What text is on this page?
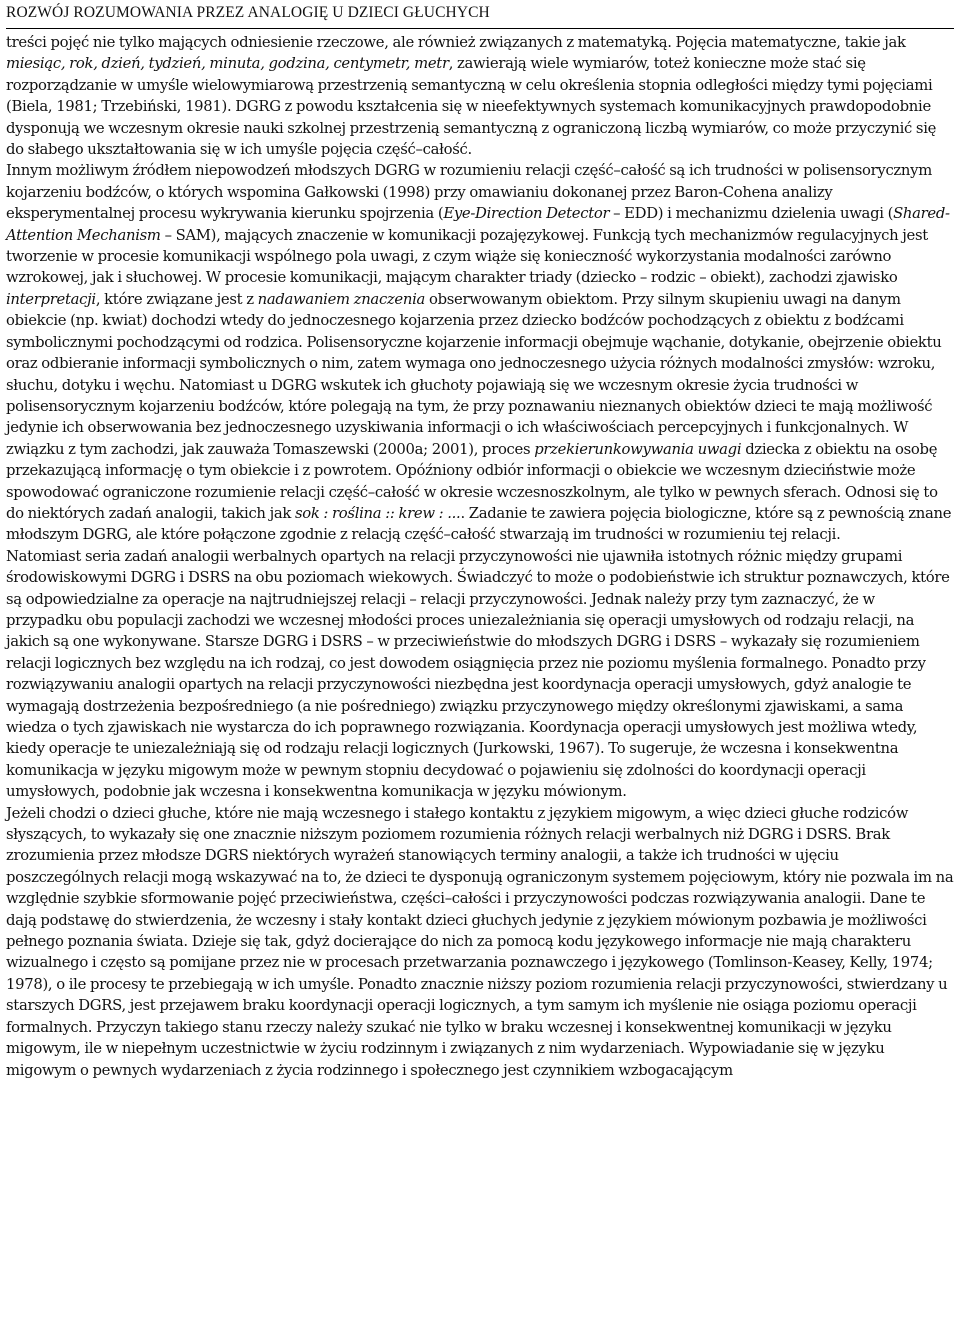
ROZWÓJ ROZUMOWANIA PRZEZ ANALOGIĘ U DZIECI GŁUCHYCH

treści pojęć nie tylko mających odniesienie rzeczowe, ale również związanych z matematyką. Pojęcia matematyczne, takie jak miesiąc, rok, dzień, tydzień, minuta, godzina, centymetr, metr, zawierają wiele wymiarów, toteż konieczne może stać się rozporządzanie w umyśle wielowymiarową przestrzenią semantyczną w celu określenia stopnia odległości między tymi pojęciami (Biela, 1981; Trzebiński, 1981). DGRG z powodu kształcenia się w nieefektywnych systemach komunikacyjnych prawdopodobnie dysponują we wczesnym okresie nauki szkolnej przestrzenią semantyczną z ograniczoną liczbą wymiarów, co może przyczynić się do słabego ukształtowania się w ich umyśle pojęcia część–całość.

Innym możliwym źródłem niepowodzeń młodszych DGRG w rozumieniu relacji część–całość są ich trudności w polisensorycznym kojarzeniu bodźców, o których wspomina Gałkowski (1998) przy omawianiu dokonanej przez Baron-Cohena analizy eksperymentalnej procesu wykrywania kierunku spojrzenia (Eye-Direction Detector – EDD) i mechanizmu dzielenia uwagi (Shared-Attention Mechanism – SAM), mających znaczenie w komunikacji pozajęzykowej. Funkcją tych mechanizmów regulacyjnych jest tworzenie w procesie komunikacji wspólnego pola uwagi, z czym wiąże się konieczność wykorzystania modalności zarówno wzrokowej, jak i słuchowej. W procesie komunikacji, mającym charakter triady (dziecko – rodzic – obiekt), zachodzi zjawisko interpretacji, które związane jest z nadawaniem znaczenia obserwowanym obiektom. Przy silnym skupieniu uwagi na danym obiekcie (np. kwiat) dochodzi wtedy do jednoczesnego kojarzenia przez dziecko bodźców pochodzących z obiektu z bodźcami symbolicznymi pochodzącymi od rodzica. Polisensoryczne kojarzenie informacji obejmuje wąchanie, dotykanie, obejrzenie obiektu oraz odbieranie informacji symbolicznych o nim, zatem wymaga ono jednoczesnego użycia różnych modalności zmysłów: wzroku, słuchu, dotyku i węchu. Natomiast u DGRG wskutek ich głuchoty pojawiają się we wczesnym okresie życia trudności w polisensorycznym kojarzeniu bodźców, które polegają na tym, że przy poznawaniu nieznanych obiektów dzieci te mają możliwość jedynie ich obserwowania bez jednoczesnego uzyskiwania informacji o ich właściwościach percepcyjnych i funkcjonalnych. W związku z tym zachodzi, jak zauważa Tomaszewski (2000a; 2001), proces przekierunkowywania uwagi dziecka z obiektu na osobę przekazującą informację o tym obiekcie i z powrotem. Opóźniony odbiór informacji o obiekcie we wczesnym dzieciństwie może spowodować ograniczone rozumienie relacji część–całość w okresie wczesnoszkolnym, ale tylko w pewnych sferach. Odnosi się to do niektórych zadań analogii, takich jak sok : roślina :: krew : .... Zadanie te zawiera pojęcia biologiczne, które są z pewnością znane młodszym DGRG, ale które połączone zgodnie z relacją część–całość stwarzają im trudności w rozumieniu tej relacji.

Natomiast seria zadań analogii werbalnych opartych na relacji przyczynowości nie ujawniła istotnych różnic między grupami środowiskowymi DGRG i DSRS na obu poziomach wiekowych. Świadczyć to może o podobieństwie ich struktur poznawczych, które są odpowiedzialne za operacje na najtrudniejszej relacji – relacji przyczynowości. Jednak należy przy tym zaznaczyć, że w przypadku obu populacji zachodzi we wczesnej młodości proces uniezależniania się operacji umysłowych od rodzaju relacji, na jakich są one wykonywane. Starsze DGRG i DSRS – w przeciwieństwie do młodszych DGRG i DSRS – wykazały się rozumieniem relacji logicznych bez względu na ich rodzaj, co jest dowodem osiągnięcia przez nie poziomu myślenia formalnego. Ponadto przy rozwiązywaniu analogii opartych na relacji przyczynowości niezbędna jest koordynacja operacji umysłowych, gdyż analogie te wymagają dostrzeżenia bezpośredniego (a nie pośredniego) związku przyczynowego między określonymi zjawiskami, a sama wiedza o tych zjawiskach nie wystarcza do ich poprawnego rozwiązania. Koordynacja operacji umysłowych jest możliwa wtedy, kiedy operacje te uniezależniają się od rodzaju relacji logicznych (Jurkowski, 1967). To sugeruje, że wczesna i konsekwentna komunikacja w języku migowym może w pewnym stopniu decydować o pojawieniu się zdolności do koordynacji operacji umysłowych, podobnie jak wczesna i konsekwentna komunikacja w języku mówionym.

Jeżeli chodzi o dzieci głuche, które nie mają wczesnego i stałego kontaktu z językiem migowym, a więc dzieci głuche rodziców słyszących, to wykazały się one znacznie niższym poziomem rozumienia różnych relacji werbalnych niż DGRG i DSRS. Brak zrozumienia przez młodsze DGRS niektórych wyrażeń stanowiących terminy analogii, a także ich trudności w ujęciu poszczególnych relacji mogą wskazywać na to, że dzieci te dysponują ograniczonym systemem pojęciowym, który nie pozwala im na względnie szybkie sformowanie pojęć przeciwieństwa, części–całości i przyczynowości podczas rozwiązywania analogii. Dane te dają podstawę do stwierdzenia, że wczesny i stały kontakt dzieci głuchych jedynie z językiem mówionym pozbawia je możliwości pełnego poznania świata. Dzieje się tak, gdyż docierające do nich za pomocą kodu językowego informacje nie mają charakteru wizualnego i często są pomijane przez nie w procesach przetwarzania poznawczego i językowego (Tomlinson-Keasey, Kelly, 1974; 1978), o ile procesy te przebiegają w ich umyśle. Ponadto znacznie niższy poziom rozumienia relacji przyczynowości, stwierdzany u starszych DGRS, jest przejawem braku koordynacji operacji logicznych, a tym samym ich myślenie nie osiąga poziomu operacji formalnych. Przyczyn takiego stanu rzeczy należy szukać nie tylko w braku wczesnej i konsekwentnej komunikacji w języku migowym, ile w niepełnym uczestnictwie w życiu rodzinnym i związanych z nim wydarzeniach. Wypowiadanie się w języku migowym o pewnych wydarzeniach z życia rodzinnego i społecznego jest czynnikiem wzbogacającym
